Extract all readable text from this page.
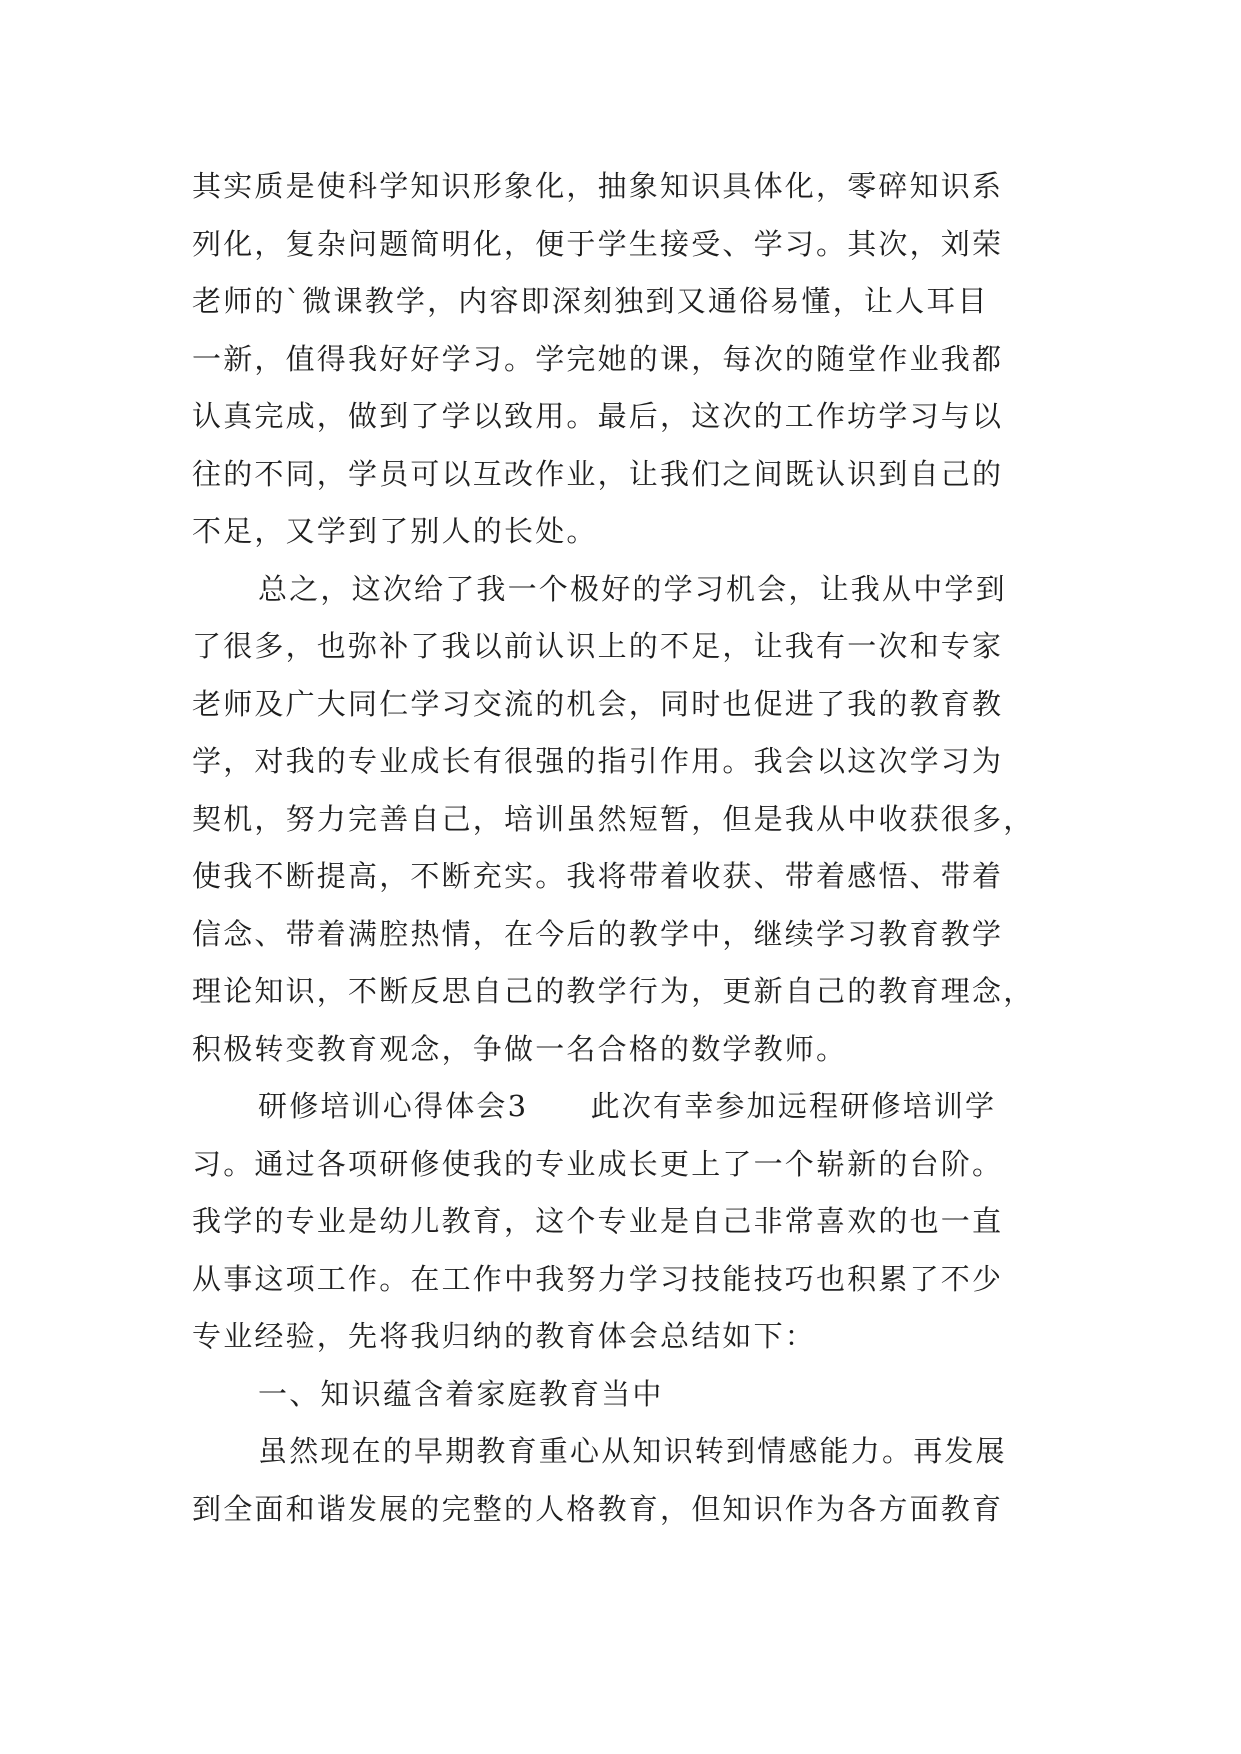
其实质是使科学知识形象化，抽象知识具体化，零碎知识系
列化，复杂问题简明化，便于学生接受、学习。其次，刘荣
老师的`微课教学，内容即深刻独到又通俗易懂，让人耳目
一新，值得我好好学习。学完她的课，每次的随堂作业我都
认真完成，做到了学以致用。最后，这次的工作坊学习与以
往的不同，学员可以互改作业，让我们之间既认识到自己的
不足，又学到了别人的长处。
总之，这次给了我一个极好的学习机会，让我从中学到
了很多，也弥补了我以前认识上的不足，让我有一次和专家
老师及广大同仁学习交流的机会，同时也促进了我的教育教
学，对我的专业成长有很强的指引作用。我会以这次学习为
契机，努力完善自己，培训虽然短暂，但是我从中收获很多，
使我不断提高，不断充实。我将带着收获、带着感悟、带着
信念、带着满腔热情，在今后的教学中，继续学习教育教学
理论知识，不断反思自己的教学行为，更新自己的教育理念，
积极转变教育观念，争做一名合格的数学教师。
研修培训心得体会3　　此次有幸参加远程研修培训学
习。通过各项研修使我的专业成长更上了一个崭新的台阶。
我学的专业是幼儿教育，这个专业是自己非常喜欢的也一直
从事这项工作。在工作中我努力学习技能技巧也积累了不少
专业经验，先将我归纳的教育体会总结如下：
一、知识蕴含着家庭教育当中
虽然现在的早期教育重心从知识转到情感能力。再发展
到全面和谐发展的完整的人格教育，但知识作为各方面教育
